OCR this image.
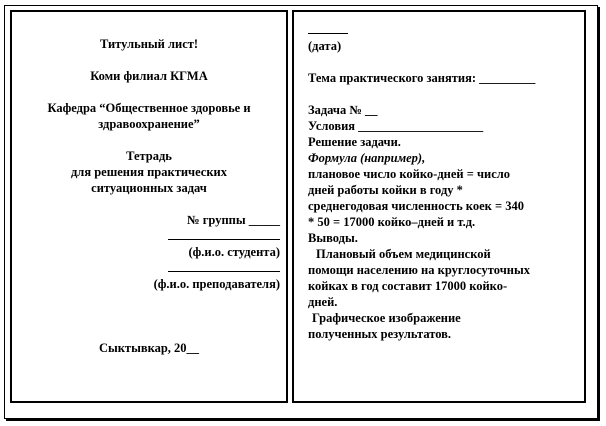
Титульный лист!
Коми филиал КГМА
Кафедра “Общественное здоровье и
здравоохранение”
Тетрадь
для решения практических
ситуационных задач
№ группы _____
(ф.и.о. студента)
(ф.и.о. преподавателя)
Сыктывкар, 20__
(дата)
Тема практического занятия: _________
Задача № __
Условия ____________________
Решение задачи.
Формула (например),
плановое число койко-дней = число
дней работы койки в году *
среднегодовая численность коек = 340
* 50 = 17000 койко–дней и т.д.
Выводы.
Плановый объем медицинской
помощи населению на круглосуточных
койках в год составит 17000 койко-
дней.
Графическое изображение
полученных результатов.
